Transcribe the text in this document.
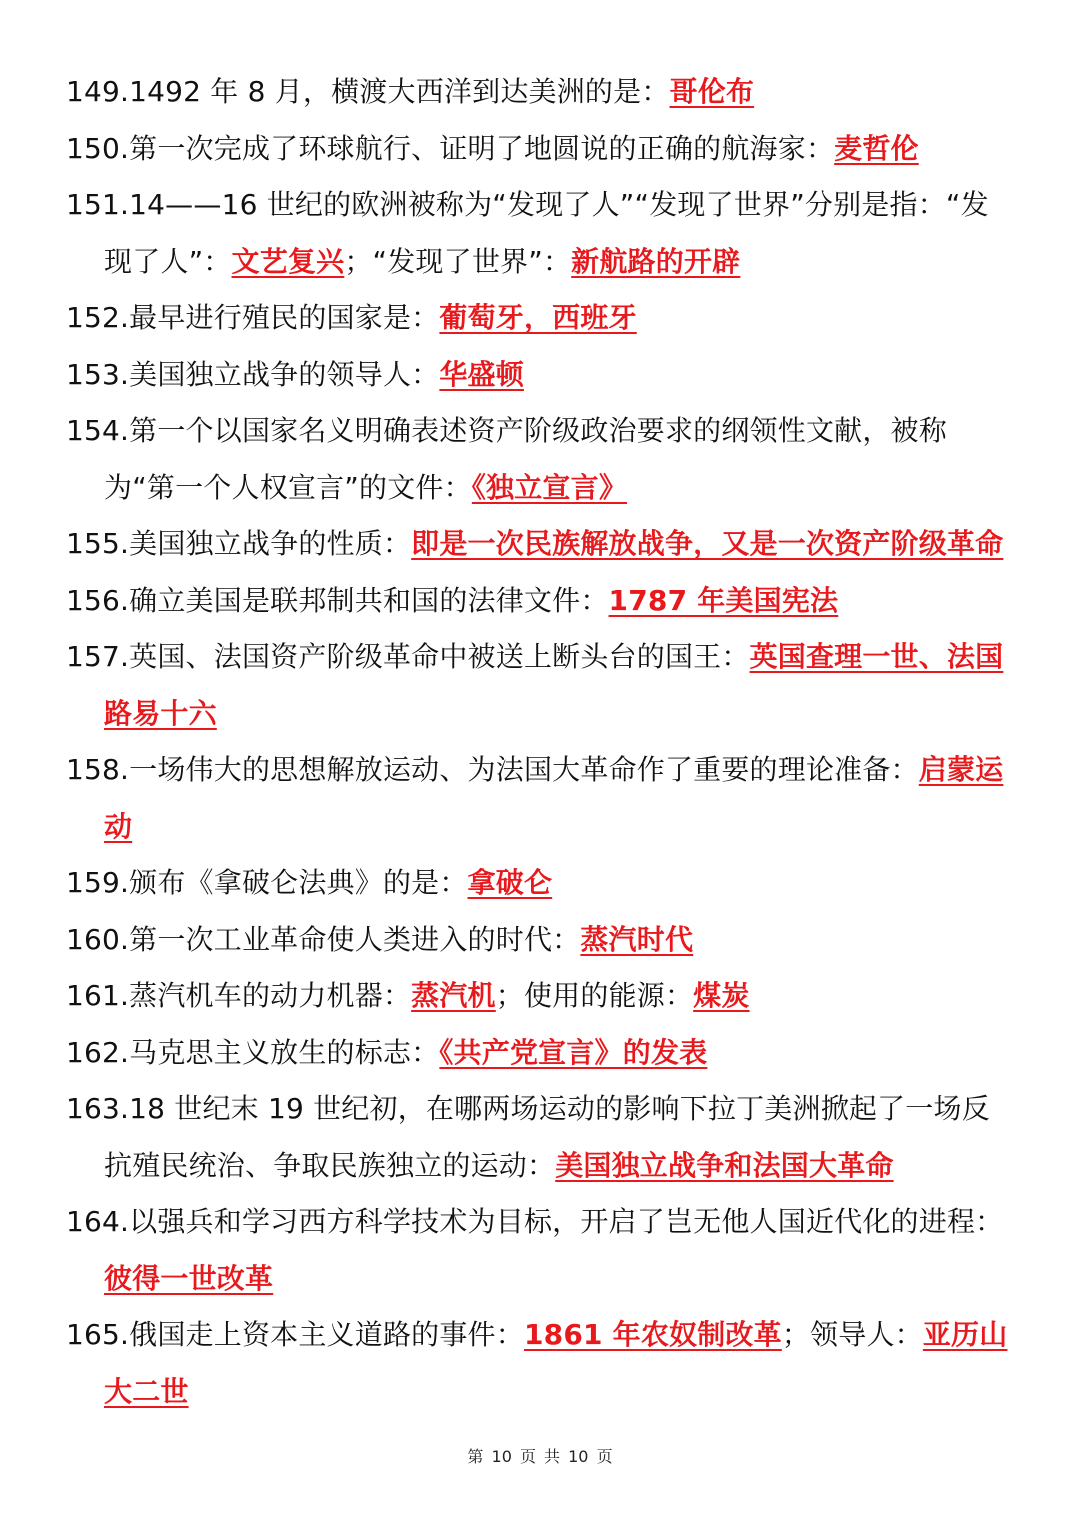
149.1492 年 8 月，横渡大西洋到达美洲的是：哥伦布

150.第一次完成了环球航行、证明了地圆说的正确的航海家：麦哲伦

151.14——16 世纪的欧洲被称为“发现了人”“发现了世界”分别是指：“发现了人”：文艺复兴；“发现了世界”：新航路的开辟

152.最早进行殖民的国家是：葡萄牙，西班牙

153.美国独立战争的领导人：华盛顿

154.第一个以国家名义明确表述资产阶级政治要求的纲领性文献，被称为“第一个人权宣言”的文件：《独立宣言》

155.美国独立战争的性质：即是一次民族解放战争，又是一次资产阶级革命

156.确立美国是联邦制共和国的法律文件：1787 年美国宪法

157.英国、法国资产阶级革命中被送上断头台的国王：英国查理一世、法国路易十六

158.一场伟大的思想解放运动、为法国大革命作了重要的理论准备：启蒙运动

159.颁布《拿破仑法典》的是：拿破仑

160.第一次工业革命使人类进入的时代：蒸汽时代

161.蒸汽机车的动力机器：蒸汽机；使用的能源：煤炭

162.马克思主义放生的标志：《共产党宣言》的发表

163.18 世纪末 19 世纪初，在哪两场运动的影响下拉丁美洲掀起了一场反抗殖民统治、争取民族独立的运动：美国独立战争和法国大革命

164.以强兵和学习西方科学技术为目标，开启了岂无他人国近代化的进程：彼得一世改革

165.俄国走上资本主义道路的事件：1861 年农奴制改革；领导人：亚历山大二世

第 10 页 共 10 页
